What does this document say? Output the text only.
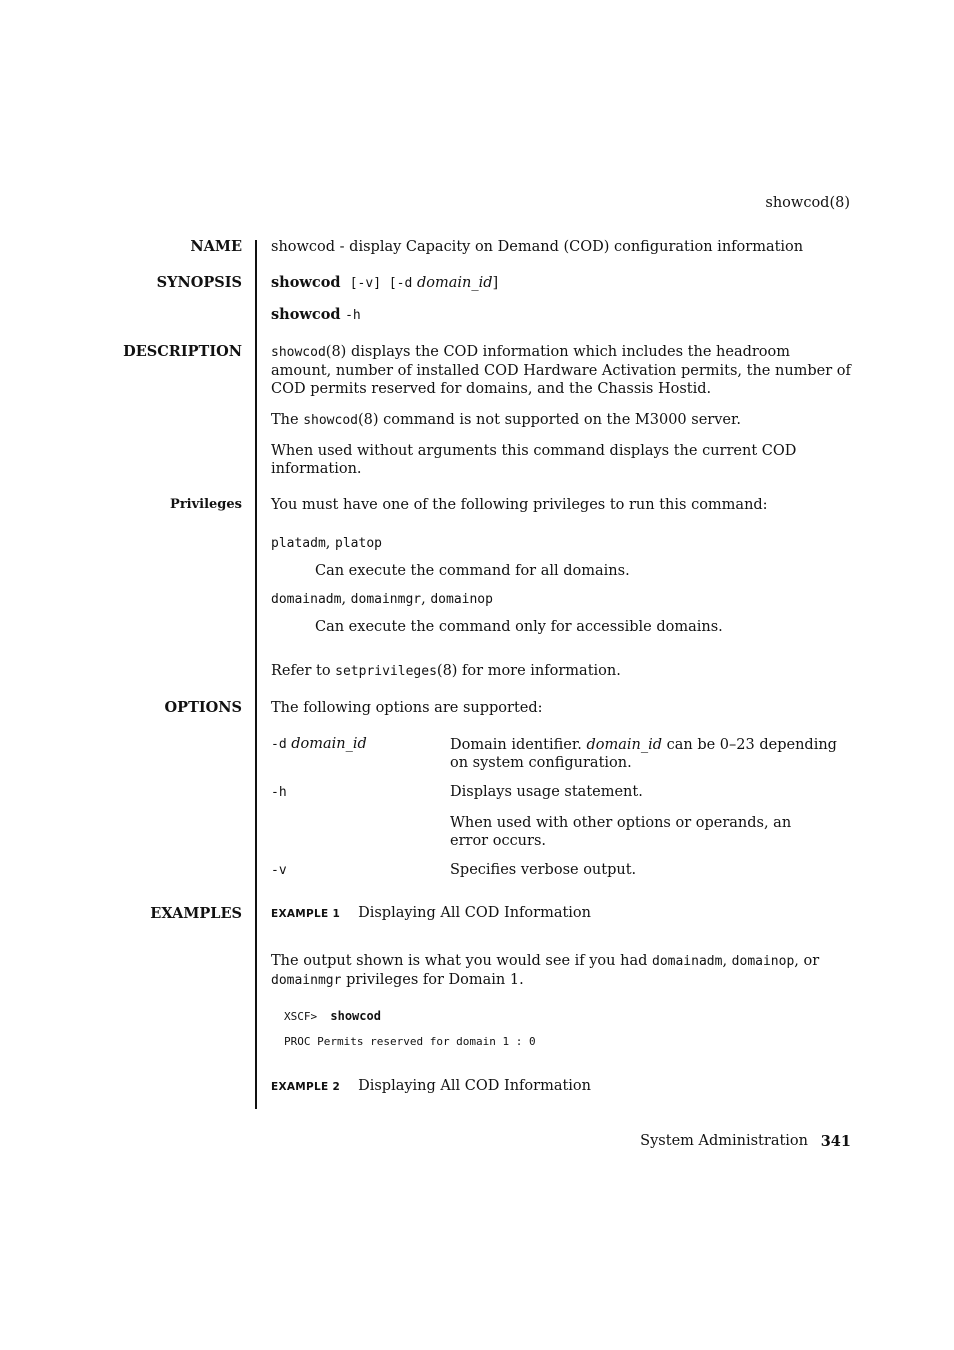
showcod(8)
NAME showcod - display Capacity on Demand (COD) configuration information
SYNOPSIS showcod [-v] [-d domain_id]
showcod -h
DESCRIPTION showcod(8) displays the COD information which includes the headroom amount, number of installed COD Hardware Activation permits, the number of COD permits reserved for domains, and the Chassis Hostid.
The showcod(8) command is not supported on the M3000 server.
When used without arguments this command displays the current COD information.
Privileges You must have one of the following privileges to run this command:
platadm, platop
Can execute the command for all domains.
domainadm, domainmgr, domainop
Can execute the command only for accessible domains.
Refer to setprivileges(8) for more information.
OPTIONS The following options are supported:
-d domain_id	Domain identifier. domain_id can be 0–23 depending on system configuration.
-h	Displays usage statement.
When used with other options or operands, an error occurs.
-v	Specifies verbose output.
EXAMPLES	EXAMPLE 1 Displaying All COD Information
The output shown is what you would see if you had domainadm, domainop, or domainmgr privileges for Domain 1.
XSCF> showcod
PROC Permits reserved for domain 1 : 0
EXAMPLE 2 Displaying All COD Information
System Administration 341
